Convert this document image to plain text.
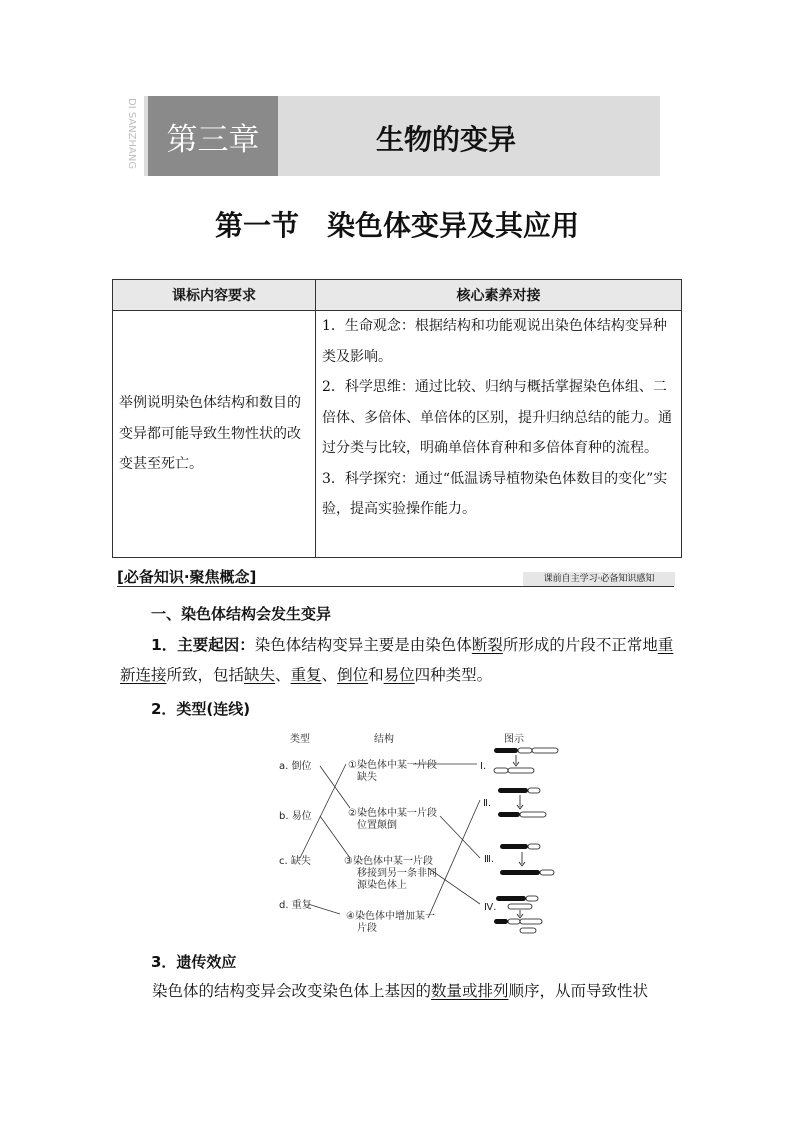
DI SANZHANG 第三章	生物的变异
第一节　染色体变异及其应用
课标内容要求	核心素养对接
举例说明染色体结构和数目的变异都可能导致生物性状的改变甚至死亡。	1．生命观念：根据结构和功能观说出染色体结构变异种类及影响。
2．科学思维：通过比较、归纳与概括掌握染色体组、二倍体、多倍体、单倍体的区别，提升归纳总结的能力。通过分类与比较，明确单倍体育种和多倍体育种的流程。
3．科学探究：通过“低温诱导植物染色体数目的变化”实验，提高实验操作能力。
[必备知识·聚焦概念]	课前自主学习·必备知识感知
一、染色体结构会发生变异
1．主要起因：染色体结构变异主要是由染色体断裂所形成的片段不正常地重新连接所致，包括缺失、重复、倒位和易位四种类型。
2．类型(连线)
类型	结构	图示
a. 倒位
b. 易位
c. 缺失
d. 重复
①染色体中某一片段
缺失
②染色体中某一片段
位置颠倒
③染色体中某一片段
移接到另一条非同
源染色体上
④染色体中增加某一
片段
Ⅰ.
Ⅱ.
Ⅲ.
Ⅳ.
3．遗传效应
染色体的结构变异会改变染色体上基因的数量或排列顺序，从而导致性状
